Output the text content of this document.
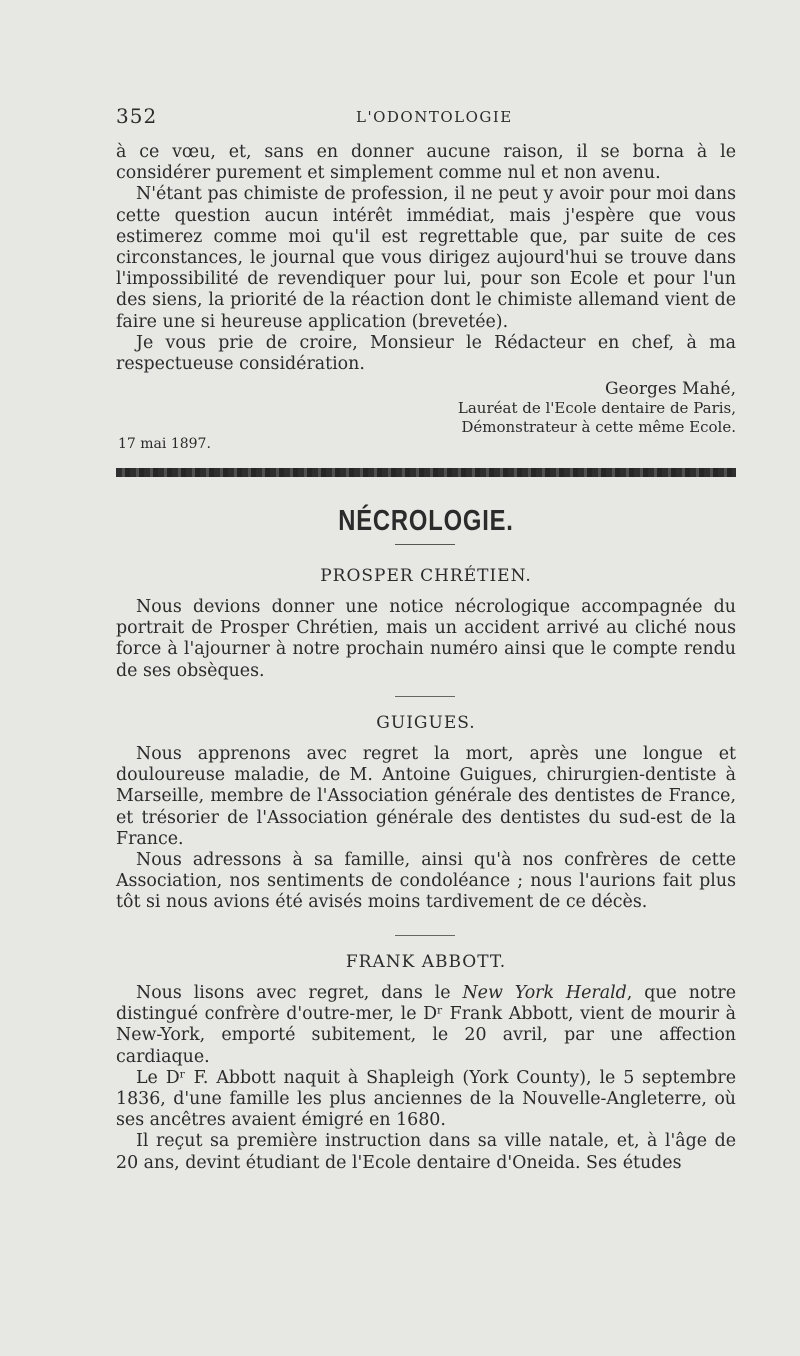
352	L'ODONTOLOGIE

à ce vœu, et, sans en donner aucune raison, il se borna à le considérer purement et simplement comme nul et non avenu.

N'étant pas chimiste de profession, il ne peut y avoir pour moi dans cette question aucun intérêt immédiat, mais j'espère que vous estimerez comme moi qu'il est regrettable que, par suite de ces circonstances, le journal que vous dirigez aujourd'hui se trouve dans l'impossibilité de revendiquer pour lui, pour son Ecole et pour l'un des siens, la priorité de la réaction dont le chimiste allemand vient de faire une si heureuse application (brevetée).

Je vous prie de croire, Monsieur le Rédacteur en chef, à ma respectueuse considération.

Georges Mahé,
Lauréat de l'Ecole dentaire de Paris,
Démonstrateur à cette même Ecole.
17 mai 1897.
NÉCROLOGIE.
PROSPER CHRÉTIEN.

Nous devions donner une notice nécrologique accompagnée du portrait de Prosper Chrétien, mais un accident arrivé au cliché nous force à l'ajourner à notre prochain numéro ainsi que le compte rendu de ses obsèques.

GUIGUES.

Nous apprenons avec regret la mort, après une longue et douloureuse maladie, de M. Antoine Guigues, chirurgien-dentiste à Marseille, membre de l'Association générale des dentistes de France, et trésorier de l'Association générale des dentistes du sud-est de la France.

Nous adressons à sa famille, ainsi qu'à nos confrères de cette Association, nos sentiments de condoléance ; nous l'aurions fait plus tôt si nous avions été avisés moins tardivement de ce décès.

FRANK ABBOTT.

Nous lisons avec regret, dans le New York Herald, que notre distingué confrère d'outre-mer, le Dʳ Frank Abbott, vient de mourir à New-York, emporté subitement, le 20 avril, par une affection cardiaque.

Le Dʳ F. Abbott naquit à Shapleigh (York County), le 5 septembre 1836, d'une famille les plus anciennes de la Nouvelle-Angleterre, où ses ancêtres avaient émigré en 1680.

Il reçut sa première instruction dans sa ville natale, et, à l'âge de 20 ans, devint étudiant de l'Ecole dentaire d'Oneida. Ses études
